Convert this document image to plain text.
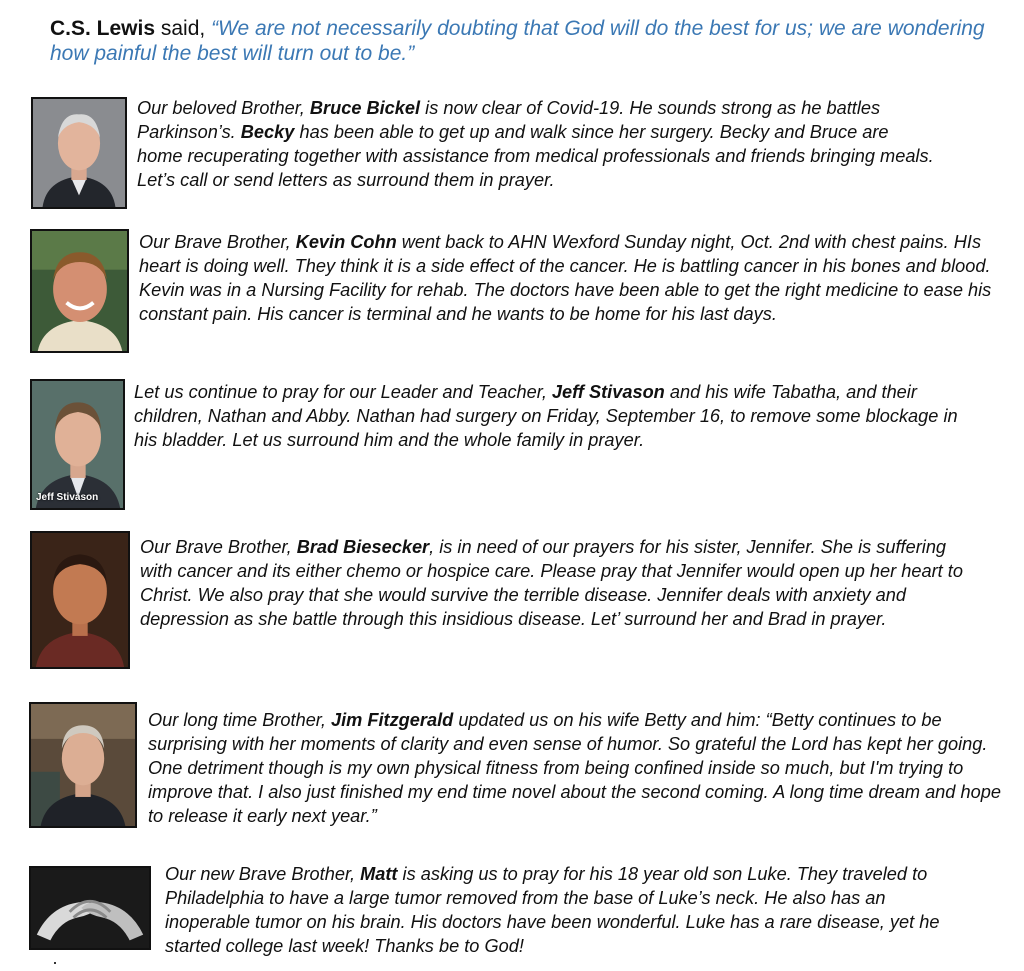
C.S. Lewis said, “We are not necessarily doubting that God will do the best for us; we are wondering how painful the best will turn out to be.”
Our beloved Brother, Bruce Bickel is now clear of Covid-19. He sounds strong as he battles Parkinson’s. Becky has been able to get up and walk since her surgery. Becky and Bruce are home recuperating together with assistance from medical professionals and friends bringing meals. Let’s call or send letters as surround them in prayer.
Our Brave Brother, Kevin Cohn went back to AHN Wexford Sunday night, Oct. 2nd with chest pains. HIs heart is doing well. They think it is a side effect of the cancer. He is battling cancer in his bones and blood. Kevin was in a Nursing Facility for rehab. The doctors have been able to get the right medicine to ease his constant pain. His cancer is terminal and he wants to be home for his last days.
Jeff Stivason
Let us continue to pray for our Leader and Teacher, Jeff Stivason and his wife Tabatha, and their children, Nathan and Abby. Nathan had surgery on Friday, September 16, to remove some blockage in his bladder. Let us surround him and the whole family in prayer.
Our Brave Brother, Brad Biesecker, is in need of our prayers for his sister, Jennifer. She is suffering with cancer and its either chemo or hospice care. Please pray that Jennifer would open up her heart to Christ. We also pray that she would survive the terrible disease. Jennifer deals with anxiety and depression as she battle through this insidious disease. Let’ surround her and Brad in prayer.
Our long time Brother, Jim Fitzgerald updated us on his wife Betty and him: “Betty continues to be surprising with her moments of clarity and even sense of humor. So grateful the Lord has kept her going. One detriment though is my own physical fitness from being confined inside so much, but I'm trying to improve that. I also just finished my end time novel about the second coming. A long time dream and hope to release it early next year.”
Our new Brave Brother, Matt is asking us to pray for his 18 year old son Luke. They traveled to Philadelphia to have a large tumor removed from the base of Luke’s neck. He also has an inoperable tumor on his brain. His doctors have been wonderful. Luke has a rare disease, yet he started college last week! Thanks be to God!
